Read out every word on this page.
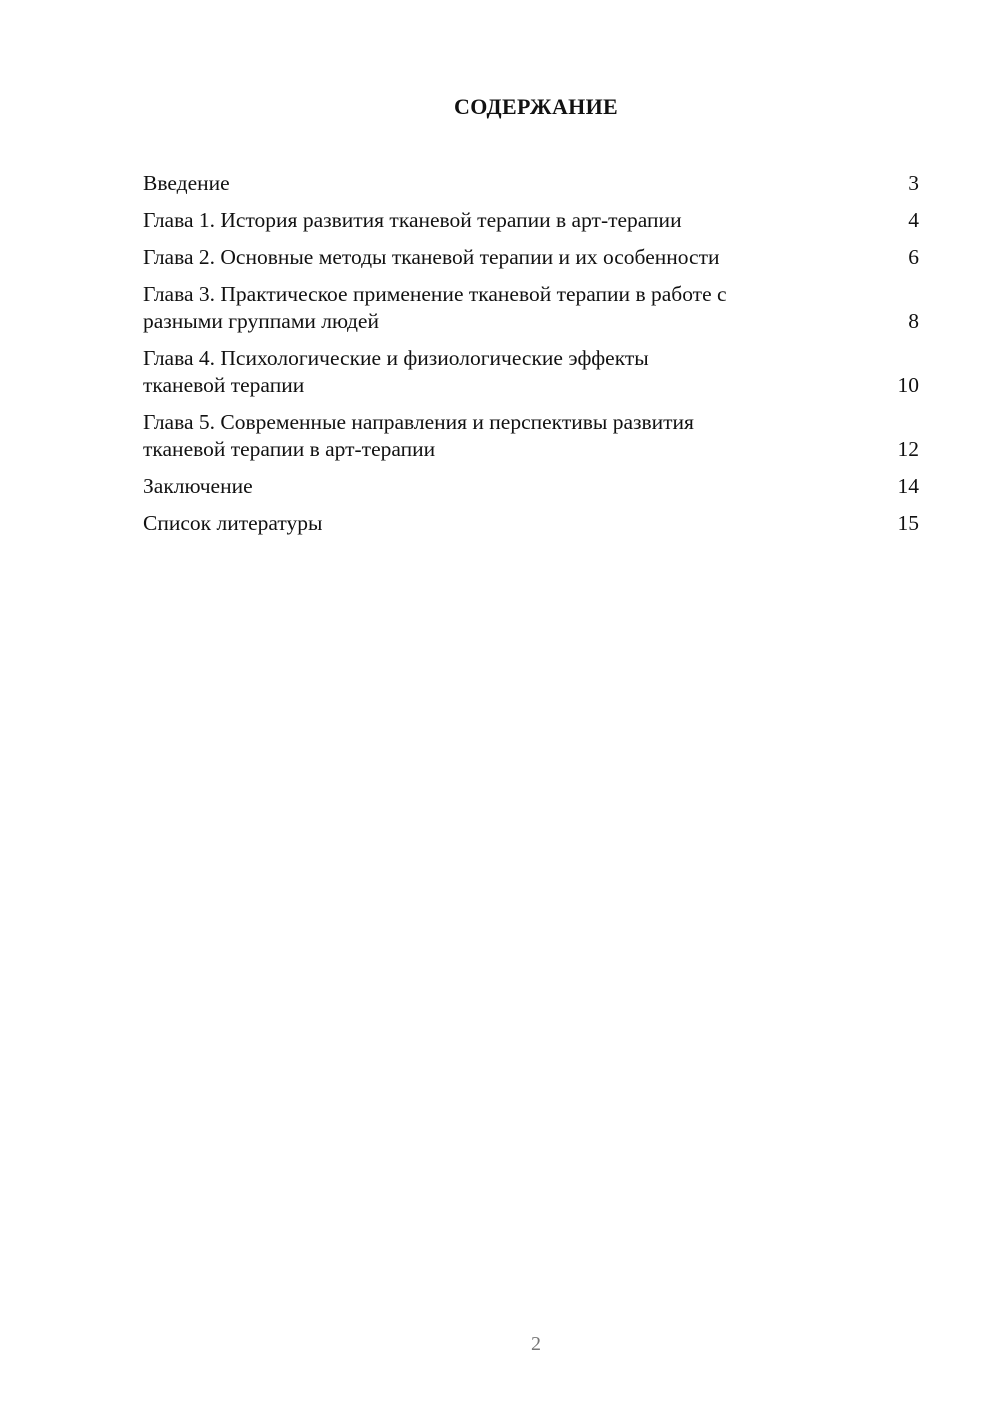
СОДЕРЖАНИЕ
Введение	3
Глава 1. История развития тканевой терапии в арт-терапии	4
Глава 2. Основные методы тканевой терапии и их особенности	6
Глава 3. Практическое применение тканевой терапии в работе с
разными группами людей	8
Глава 4. Психологические и физиологические эффекты
тканевой терапии	10
Глава 5. Современные направления и перспективы развития
тканевой терапии в арт-терапии	12
Заключение	14
Список литературы	15
2
